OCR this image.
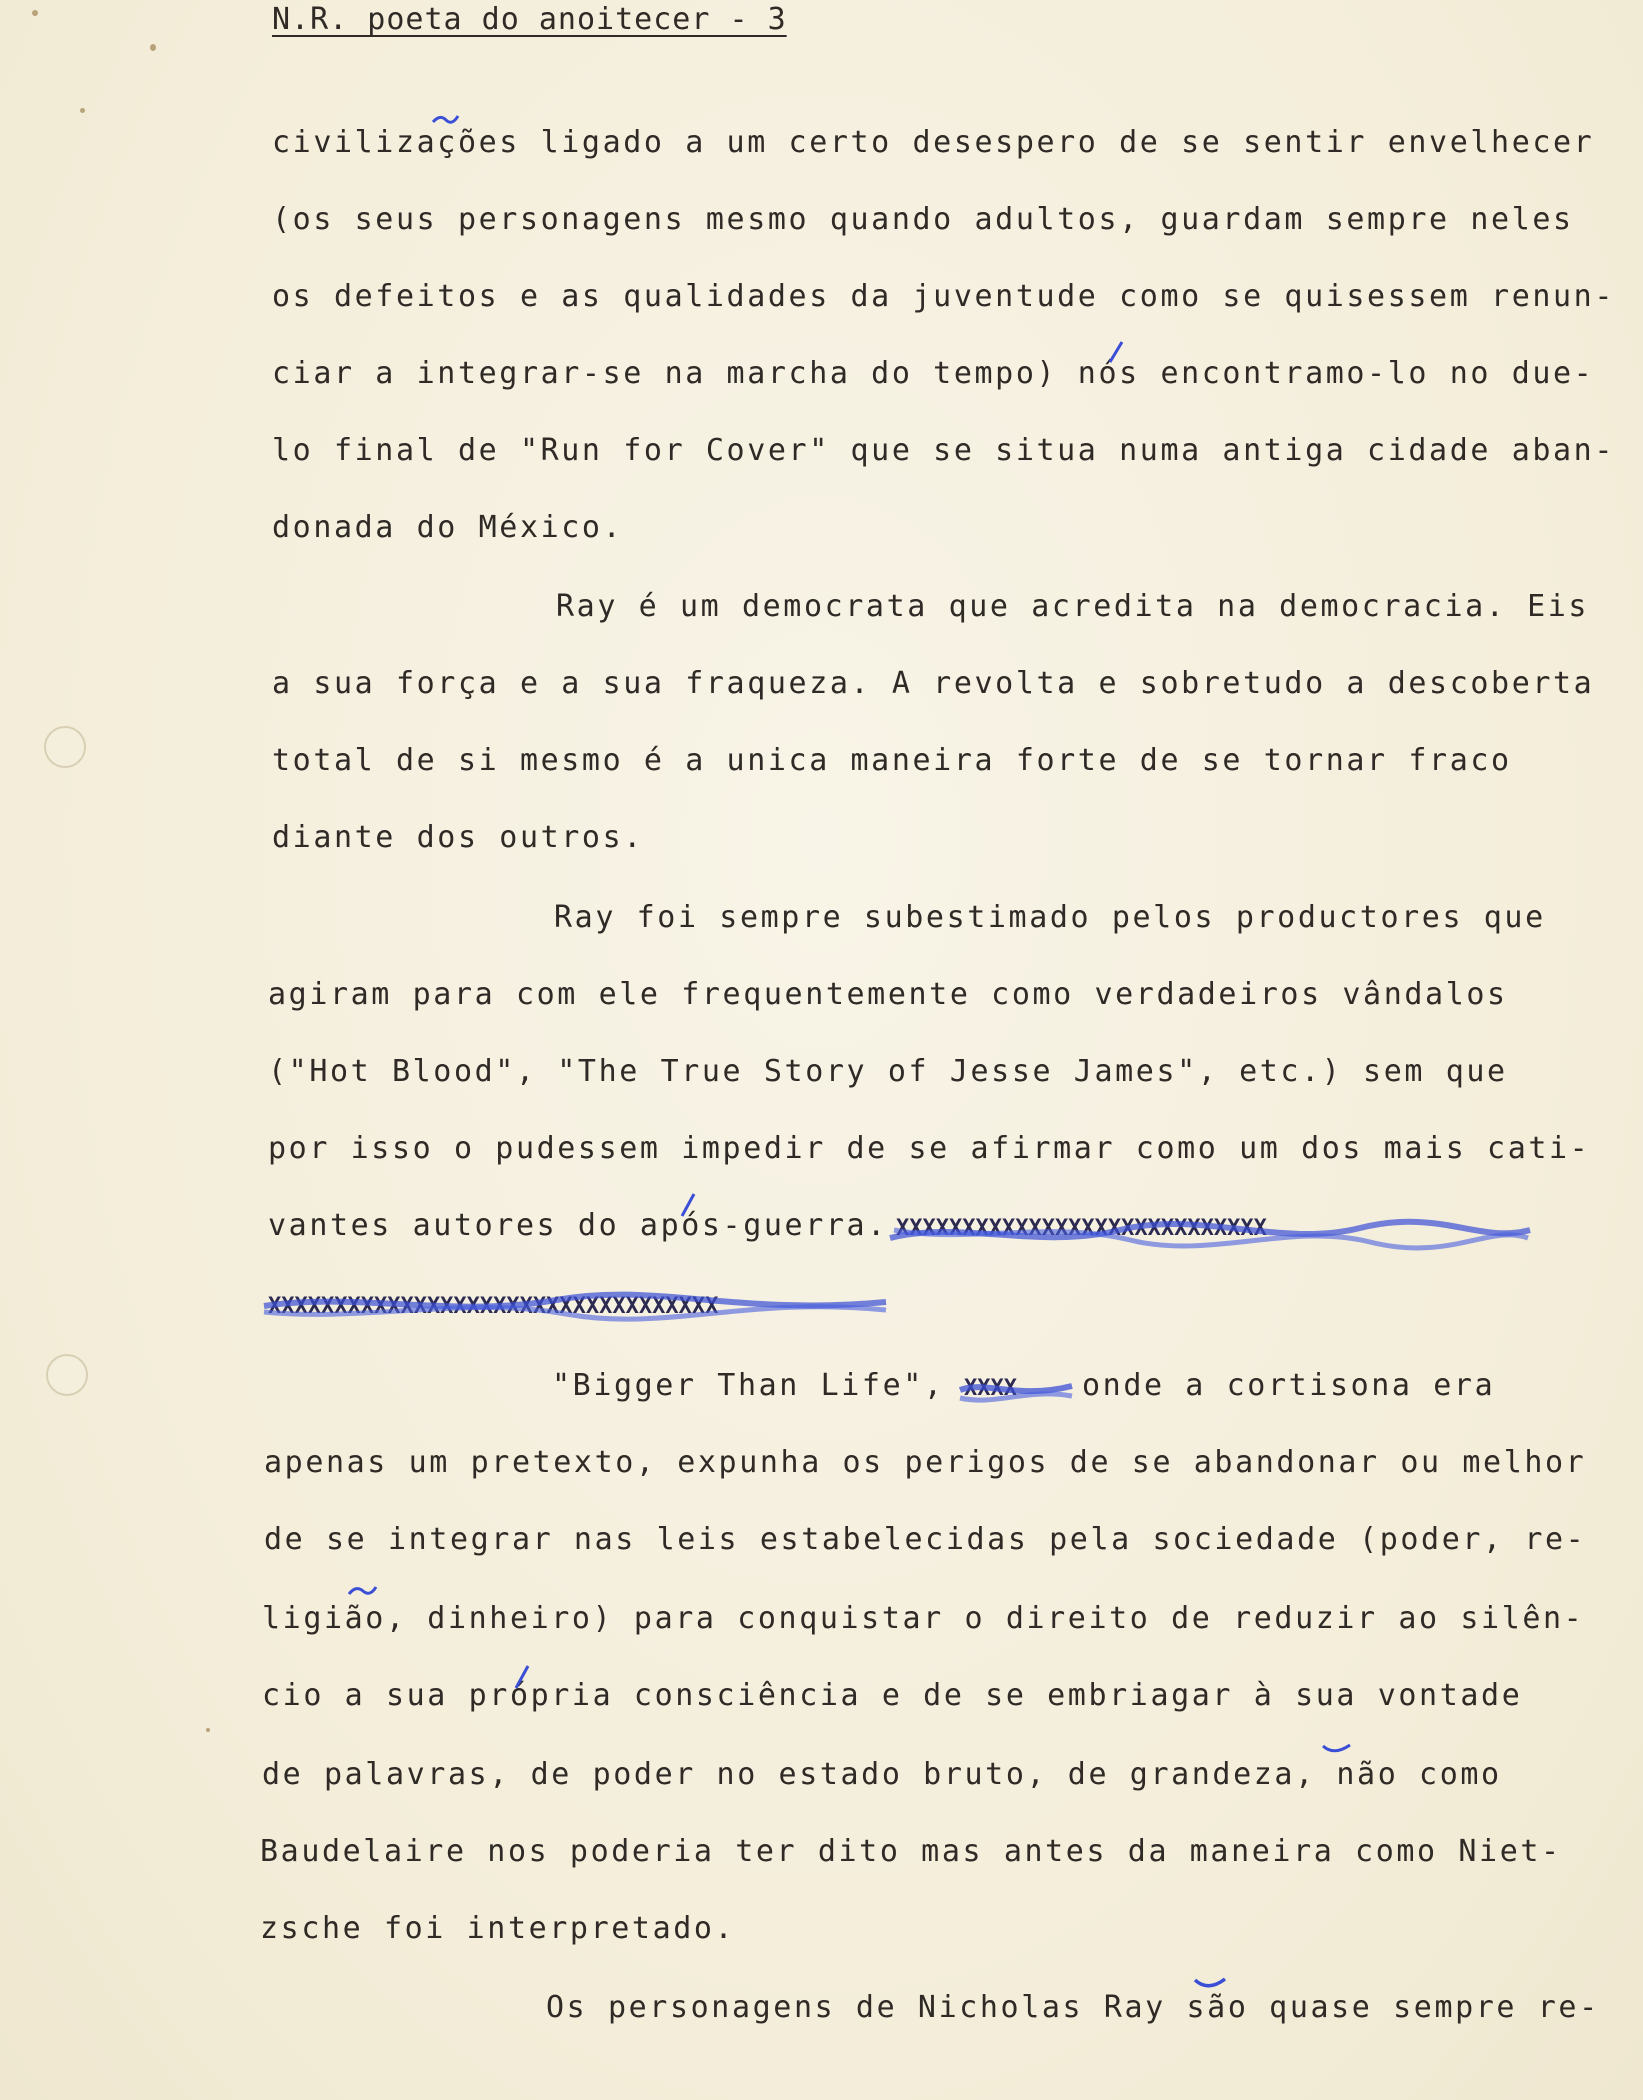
N.R. poeta do anoitecer - 3
civilizações ligado a um certo desespero de se sentir envelhecer
(os seus personagens mesmo quando adultos, guardam sempre neles
os defeitos e as qualidades da juventude como se quisessem renun-
ciar a integrar-se na marcha do tempo) nós encontramo-lo no due-
lo final de "Run for Cover" que se situa numa antiga cidade aban-
donada do México.
Ray é um democrata que acredita na democracia. Eis
a sua força e a sua fraqueza. A revolta e sobretudo a descoberta
total de si mesmo é a unica maneira forte de se tornar fraco
diante dos outros.
Ray foi sempre subestimado pelos productores que
agiram para com ele frequentemente como verdadeiros vândalos
("Hot Blood", "The True Story of Jesse James", etc.) sem que
por isso o pudessem impedir de se afirmar como um dos mais cati-
vantes autores do após-guerra. XXXXXXXXXXXXXXXXXXXXXXXXXXXX
XXXXXXXXXXXXXXXXXXXXXXXXXXXXXXXXXX
"Bigger Than Life", XXXX onde a cortisona era
apenas um pretexto, expunha os perigos de se abandonar ou melhor
de se integrar nas leis estabelecidas pela sociedade (poder, re-
ligião, dinheiro) para conquistar o direito de reduzir ao silên-
cio a sua própria consciência e de se embriagar à sua vontade
de palavras, de poder no estado bruto, de grandeza, não como
Baudelaire nos poderia ter dito mas antes da maneira como Niet-
zsche foi interpretado.
Os personagens de Nicholas Ray são quase sempre re-
